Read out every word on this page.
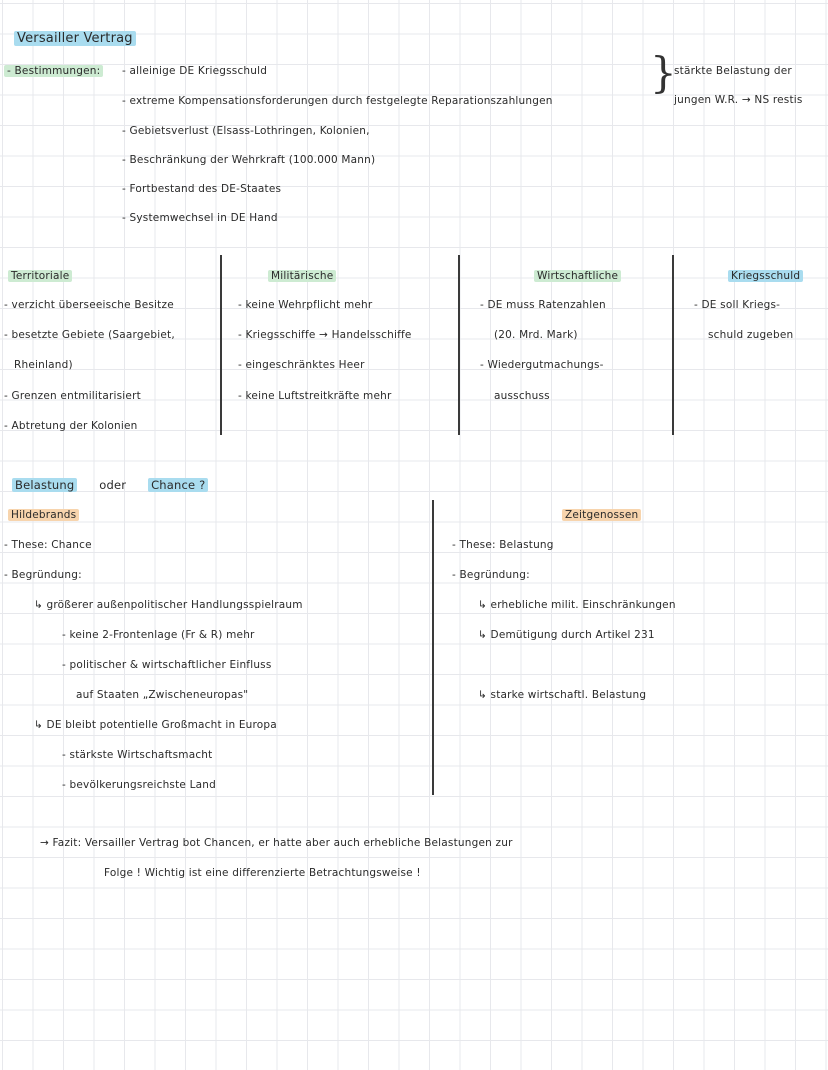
Versailler Vertrag
- Bestimmungen: - alleinige DE Kriegsschuld
- extreme Kompensationsforderungen durch festgelegte Reparationszahlungen
- Gebietsverlust (Elsass-Lothringen, Kolonien,
- Beschränkung der Wehrkraft (100.000 Mann)
- Fortbestand des DE-Staates
- Systemwechsel in DE Hand
}
stärkte Belastung der
jungen W.R. → NS restis
Territoriale
- verzicht überseeische Besitze
- besetzte Gebiete (Saargebiet,
Rheinland)
- Grenzen entmilitarisiert
- Abtretung der Kolonien
Militärische
- keine Wehrpflicht mehr
- Kriegsschiffe → Handelsschiffe
- eingeschränktes Heer
- keine Luftstreitkräfte mehr
Wirtschaftliche
- DE muss Ratenzahlen
(20. Mrd. Mark)
- Wiedergutmachungs-
ausschuss
Kriegsschuld
- DE soll Kriegs-
schuld zugeben
Belastung oder Chance ?
Hildebrands
- These: Chance
- Begründung:
↳ größerer außenpolitischer Handlungsspielraum
- keine 2-Frontenlage (Fr & R) mehr
- politischer & wirtschaftlicher Einfluss
auf Staaten „Zwischeneuropas"
↳ DE bleibt potentielle Großmacht in Europa
- stärkste Wirtschaftsmacht
- bevölkerungsreichste Land
Zeitgenossen
- These: Belastung
- Begründung:
↳ erhebliche milit. Einschränkungen
↳ Demütigung durch Artikel 231
↳ starke wirtschaftl. Belastung
→ Fazit: Versailler Vertrag bot Chancen, er hatte aber auch erhebliche Belastungen zur
Folge ! Wichtig ist eine differenzierte Betrachtungsweise !
